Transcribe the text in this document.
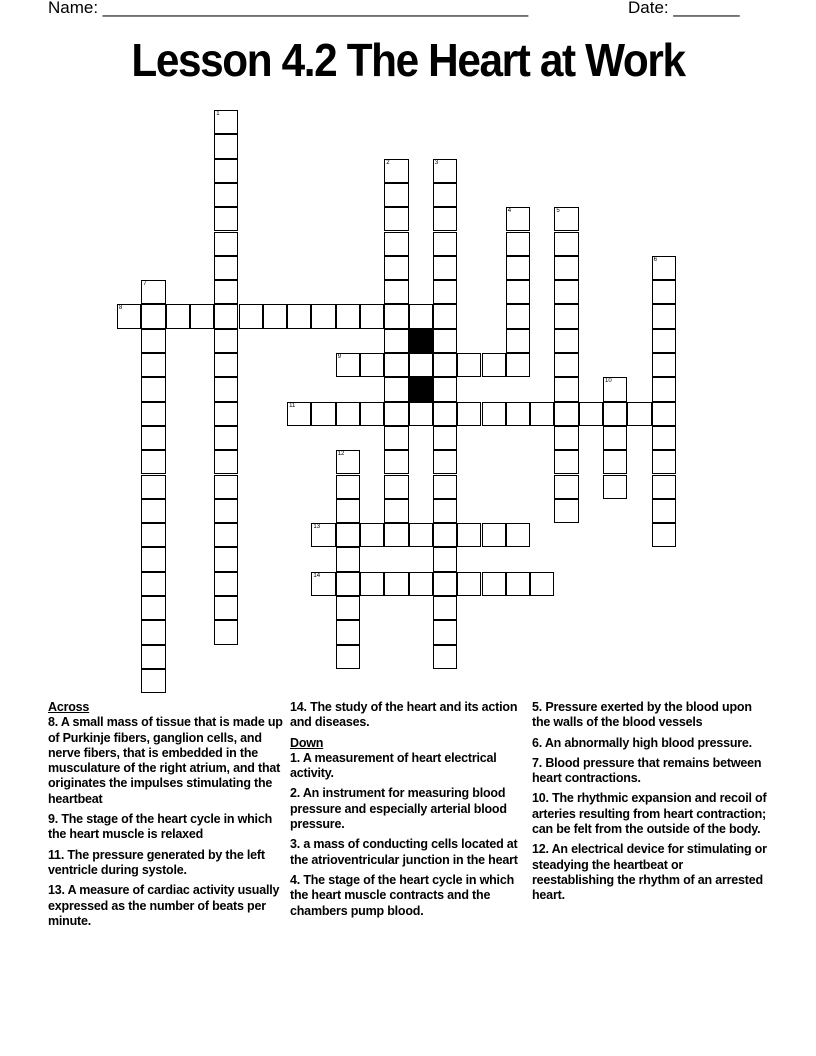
Name: _____________________________________________	Date: _______
Lesson 4.2 The Heart at Work
1
2	3
4	5
6
7
8
9
10
11
12
13
14
Across
8. A small mass of tissue that is made up of Purkinje fibers, ganglion cells, and nerve fibers, that is embedded in the musculature of the right atrium, and that originates the impulses stimulating the heartbeat
9. The stage of the heart cycle in which the heart muscle is relaxed
11. The pressure generated by the left ventricle during systole.
13. A measure of cardiac activity usually expressed as the number of beats per minute.
14. The study of the heart and its action and diseases.
Down
1. A measurement of heart electrical activity.
2. An instrument for measuring blood pressure and especially arterial blood pressure.
3. a mass of conducting cells located at the atrioventricular junction in the heart
4. The stage of the heart cycle in which the heart muscle contracts and the chambers pump blood.
5. Pressure exerted by the blood upon the walls of the blood vessels
6. An abnormally high blood pressure.
7. Blood pressure that remains between heart contractions.
10. The rhythmic expansion and recoil of arteries resulting from heart contraction; can be felt from the outside of the body.
12. An electrical device for stimulating or steadying the heartbeat or reestablishing the rhythm of an arrested heart.
